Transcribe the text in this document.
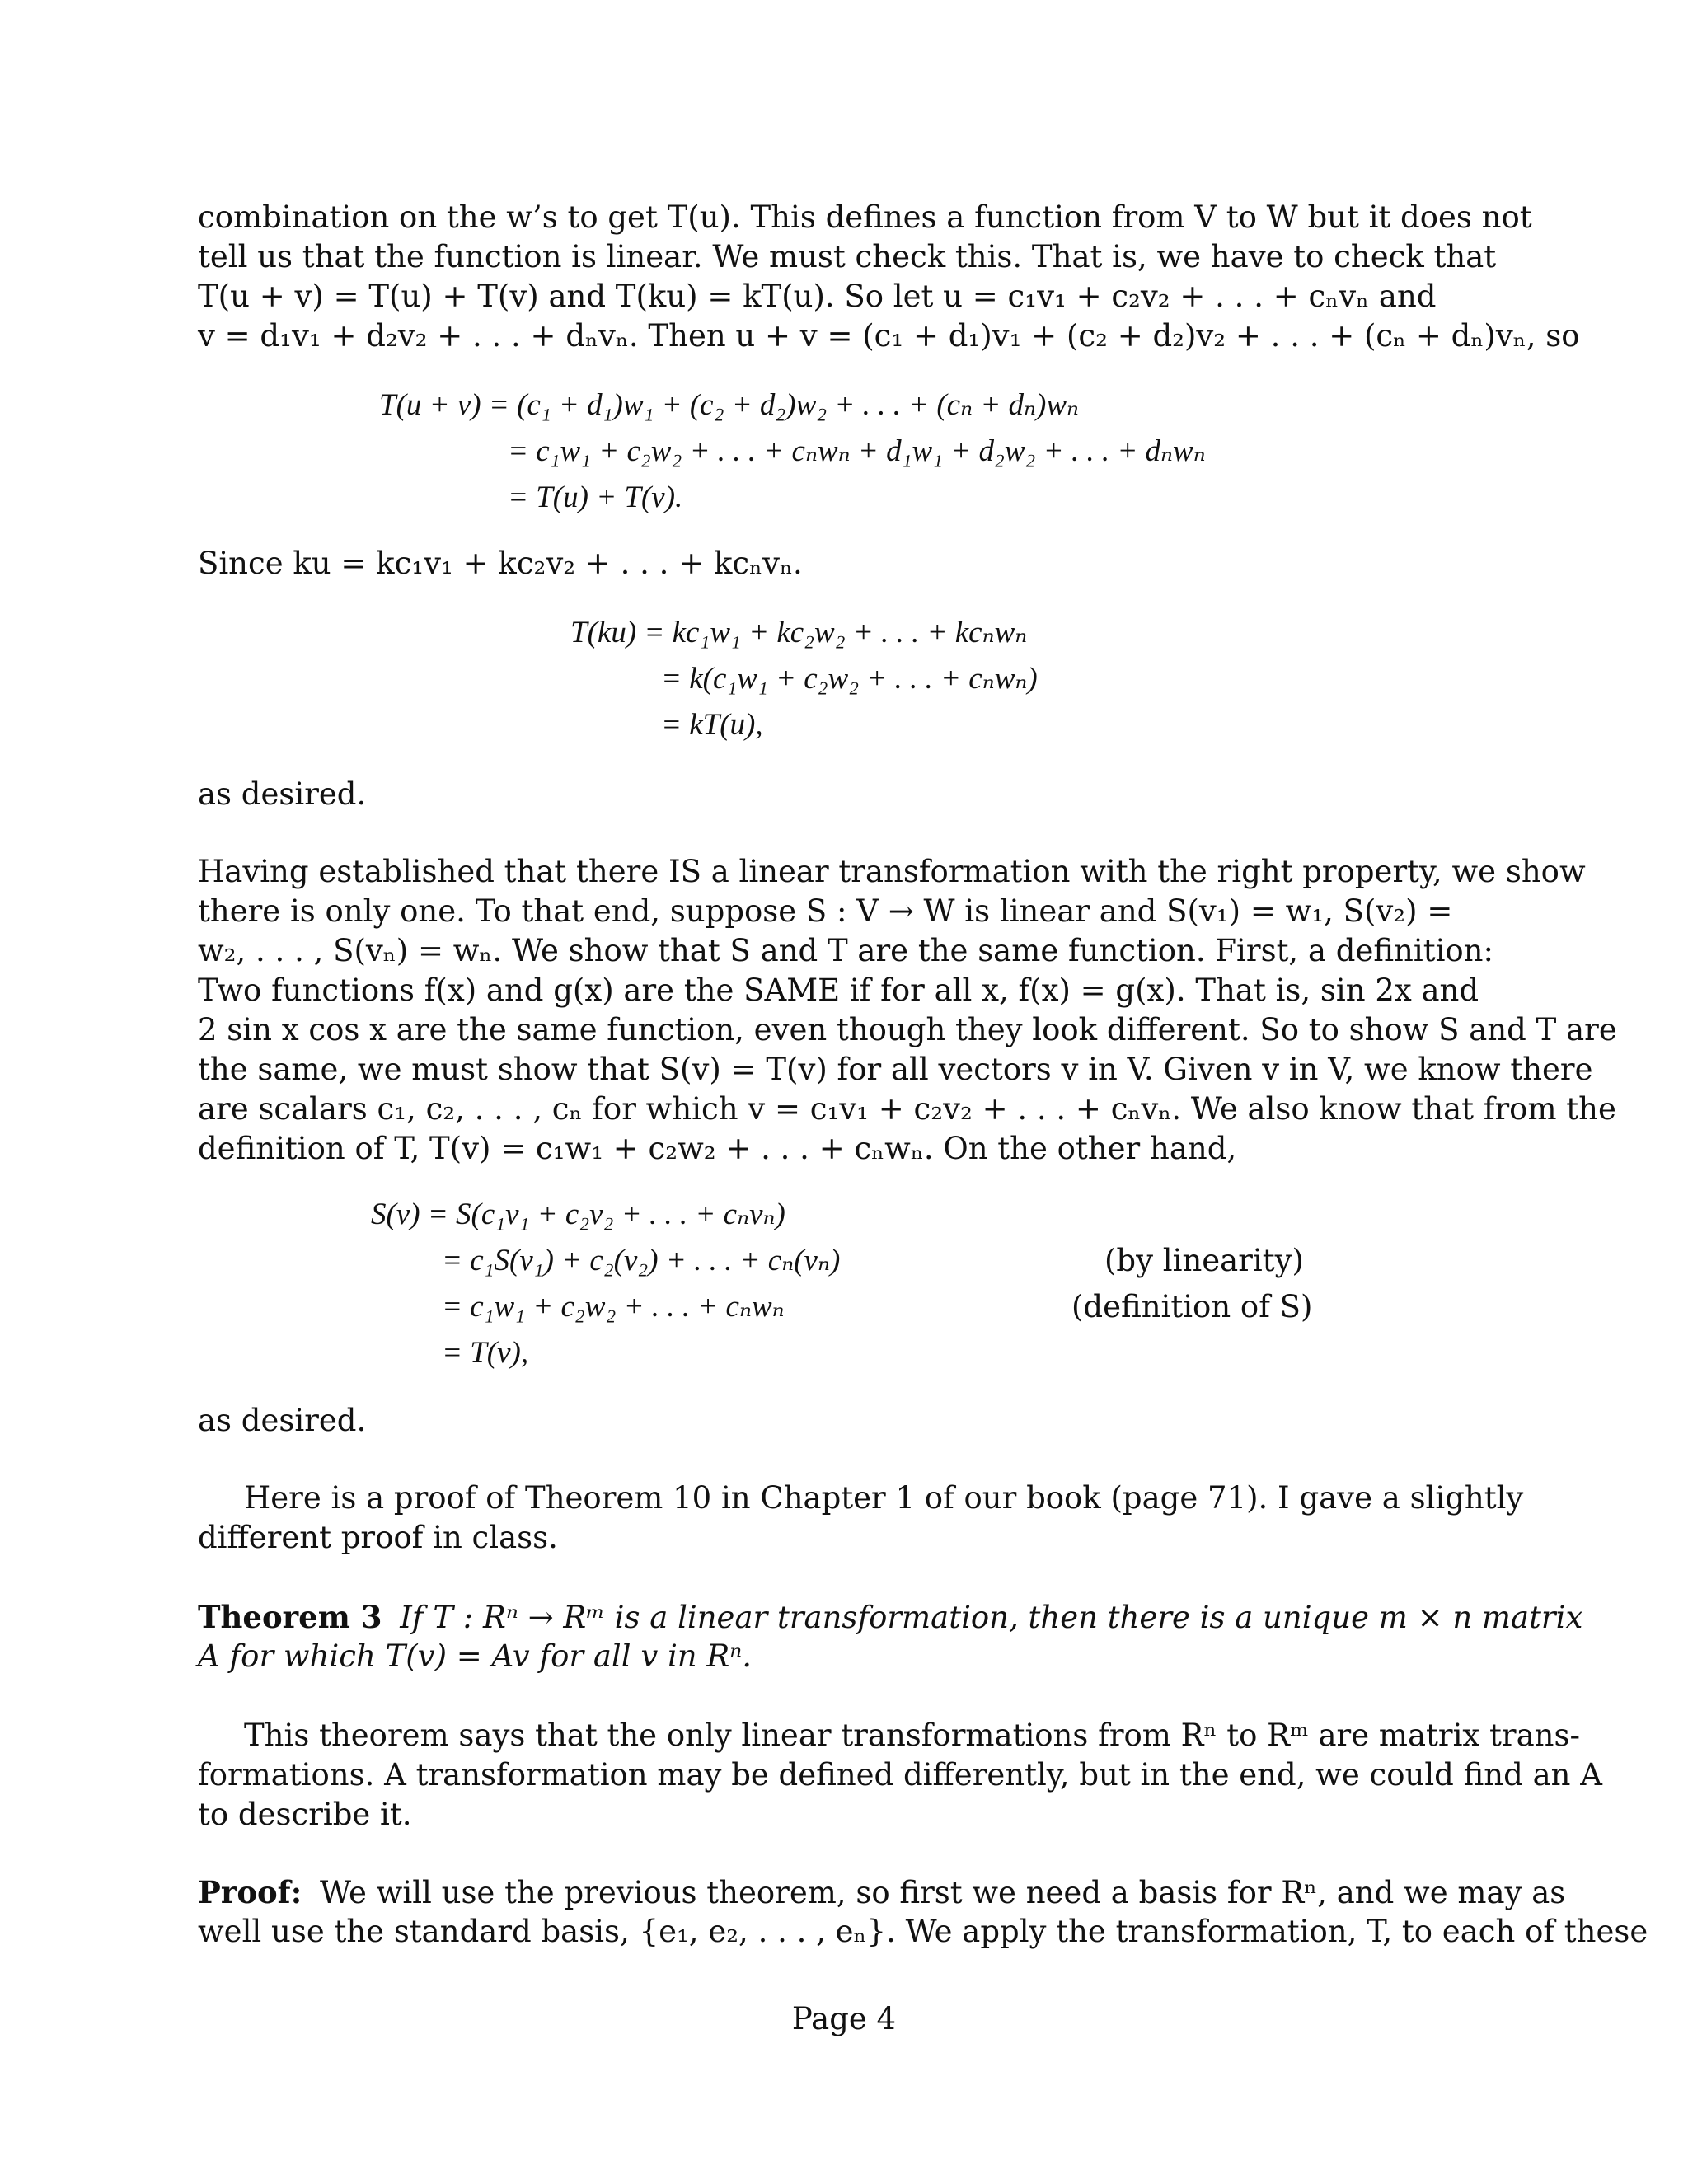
combination on the w’s to get T(u). This defines a function from V to W but it does not
tell us that the function is linear. We must check this. That is, we have to check that
T(u + v) = T(u) + T(v) and T(ku) = kT(u). So let u = c₁v₁ + c₂v₂ + . . . + cₙvₙ and
v = d₁v₁ + d₂v₂ + . . . + dₙvₙ. Then u + v = (c₁ + d₁)v₁ + (c₂ + d₂)v₂ + . . . + (cₙ + dₙ)vₙ, so
T(u + v) = (c₁ + d₁)w₁ + (c₂ + d₂)w₂ + . . . + (cₙ + dₙ)wₙ
= c₁w₁ + c₂w₂ + . . . + cₙwₙ + d₁w₁ + d₂w₂ + . . . + dₙwₙ
= T(u) + T(v).
Since ku = kc₁v₁ + kc₂v₂ + . . . + kcₙvₙ.
T(ku) = kc₁w₁ + kc₂w₂ + . . . + kcₙwₙ
= k(c₁w₁ + c₂w₂ + . . . + cₙwₙ)
= kT(u),
as desired.
Having established that there IS a linear transformation with the right property, we show
there is only one. To that end, suppose S : V → W is linear and S(v₁) = w₁, S(v₂) =
w₂, . . . , S(vₙ) = wₙ. We show that S and T are the same function. First, a definition:
Two functions f(x) and g(x) are the SAME if for all x, f(x) = g(x). That is, sin 2x and
2 sin x cos x are the same function, even though they look different. So to show S and T are
the same, we must show that S(v) = T(v) for all vectors v in V. Given v in V, we know there
are scalars c₁, c₂, . . . , cₙ for which v = c₁v₁ + c₂v₂ + . . . + cₙvₙ. We also know that from the
definition of T, T(v) = c₁w₁ + c₂w₂ + . . . + cₙwₙ. On the other hand,
S(v) = S(c₁v₁ + c₂v₂ + . . . + cₙvₙ)
= c₁S(v₁) + c₂(v₂) + . . . + cₙ(vₙ)
= c₁w₁ + c₂w₂ + . . . + cₙwₙ
= T(v),
(by linearity)
(definition of S)
as desired.
Here is a proof of Theorem 10 in Chapter 1 of our book (page 71). I gave a slightly
different proof in class.
Theorem 3 If T : Rⁿ → Rᵐ is a linear transformation, then there is a unique m × n matrix
A for which T(v) = Av for all v in Rⁿ.
This theorem says that the only linear transformations from Rⁿ to Rᵐ are matrix trans-
formations. A transformation may be defined differently, but in the end, we could find an A
to describe it.
Proof: We will use the previous theorem, so first we need a basis for Rⁿ, and we may as
well use the standard basis, {e₁, e₂, . . . , eₙ}. We apply the transformation, T, to each of these
Page 4
